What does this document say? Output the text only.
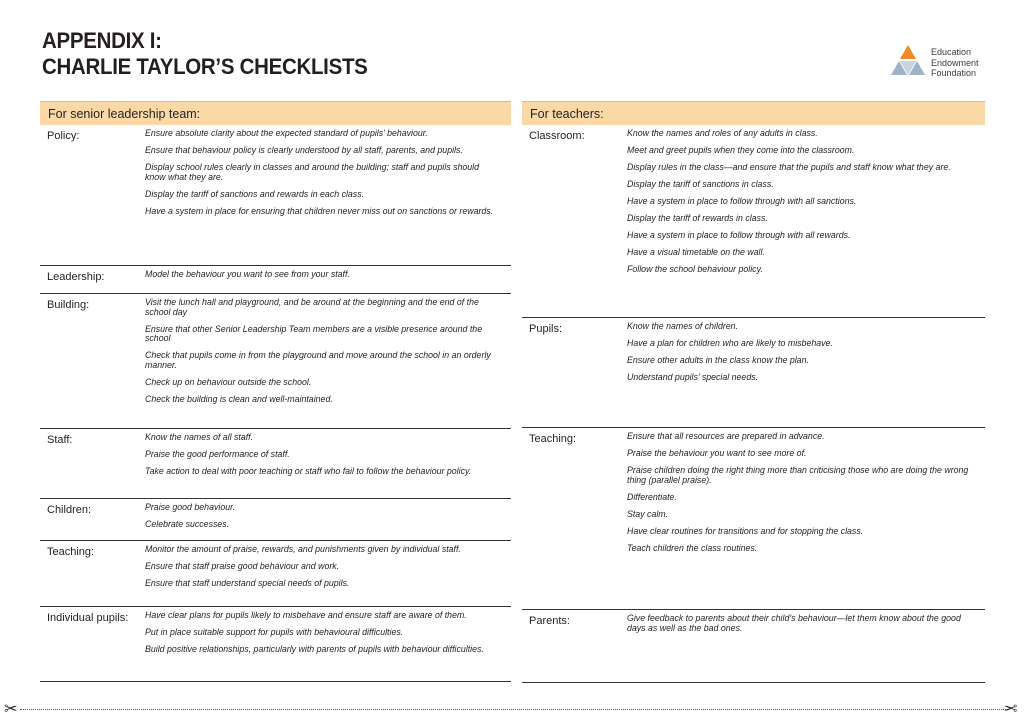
APPENDIX I:
CHARLIE TAYLOR’S CHECKLISTS
Education
Endowment
Foundation
For senior leadership team:
Policy:	Ensure absolute clarity about the expected standard of pupils’ behaviour.
Ensure that behaviour policy is clearly understood by all staff, parents, and pupils.
Display school rules clearly in classes and around the building; staff and pupils should know what they are.
Display the tariff of sanctions and rewards in each class.
Have a system in place for ensuring that children never miss out on sanctions or rewards.
Leadership:	Model the behaviour you want to see from your staff.
Building:	Visit the lunch hall and playground, and be around at the beginning and the end of the school day
Ensure that other Senior Leadership Team members are a visible presence around the school
Check that pupils come in from the playground and move around the school in an orderly manner.
Check up on behaviour outside the school.
Check the building is clean and well-maintained.
Staff:	Know the names of all staff.
Praise the good performance of staff.
Take action to deal with poor teaching or staff who fail to follow the behaviour policy.
Children:	Praise good behaviour.
Celebrate successes.
Teaching:	Monitor the amount of praise, rewards, and punishments given by individual staff.
Ensure that staff praise good behaviour and work.
Ensure that staff understand special needs of pupils.
Individual pupils: Have clear plans for pupils likely to misbehave and ensure staff are aware of them.
Put in place suitable support for pupils with behavioural difficulties.
Build positive relationships, particularly with parents of pupils with behaviour difficulties.
For teachers:
Classroom:	Know the names and roles of any adults in class.
Meet and greet pupils when they come into the classroom.
Display rules in the class—and ensure that the pupils and staff know what they are.
Display the tariff of sanctions in class.
Have a system in place to follow through with all sanctions.
Display the tariff of rewards in class.
Have a system in place to follow through with all rewards.
Have a visual timetable on the wall.
Follow the school behaviour policy.
Pupils:	Know the names of children.
Have a plan for children who are likely to misbehave.
Ensure other adults in the class know the plan.
Understand pupils’ special needs.
Teaching:	Ensure that all resources are prepared in advance.
Praise the behaviour you want to see more of.
Praise children doing the right thing more than criticising those who are doing the wrong thing (parallel praise).
Differentiate.
Stay calm.
Have clear routines for transitions and for stopping the class.
Teach children the class routines.
Parents:	Give feedback to parents about their child’s behaviour—let them know about the good days as well as the bad ones.
✂	✂
